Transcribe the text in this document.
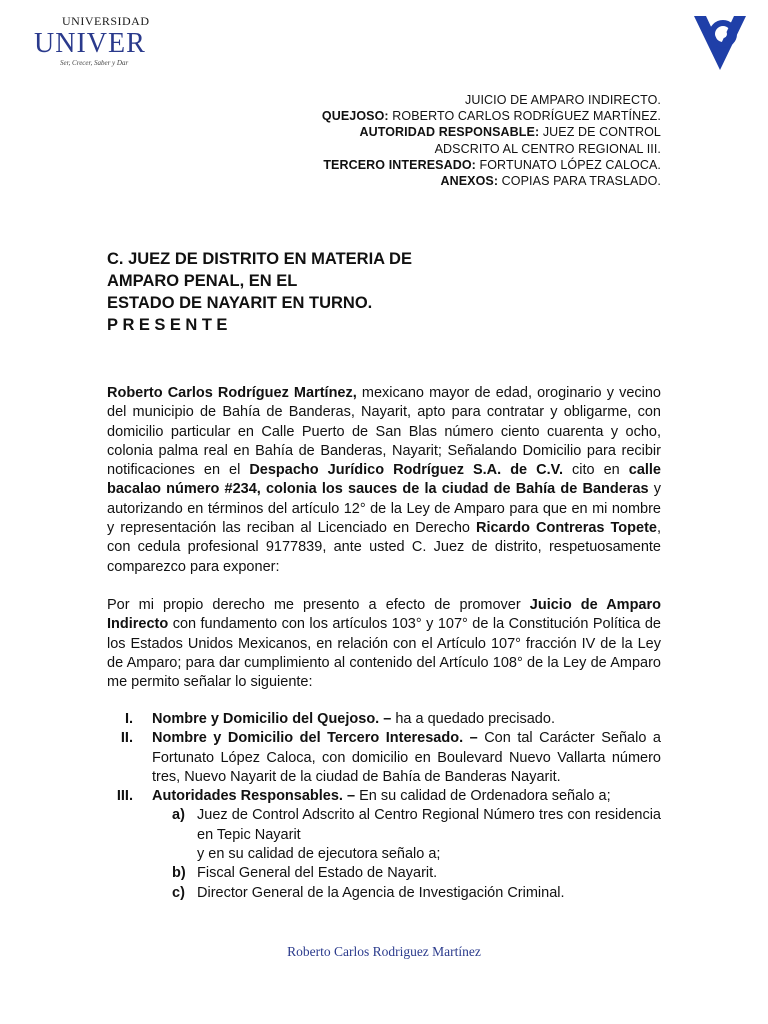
UNIVERSIDAD
UNIVER
Ser, Crecer, Saber y Dar
JUICIO DE AMPARO INDIRECTO.
QUEJOSO: ROBERTO CARLOS RODRÍGUEZ MARTÍNEZ.
AUTORIDAD RESPONSABLE: JUEZ DE CONTROL
ADSCRITO AL CENTRO REGIONAL III.
TERCERO INTERESADO: FORTUNATO LÓPEZ CALOCA.
ANEXOS: COPIAS PARA TRASLADO.
C. JUEZ DE DISTRITO EN MATERIA DE
AMPARO PENAL, EN EL
ESTADO DE NAYARIT EN TURNO.
PRESENTE
Roberto Carlos Rodríguez Martínez, mexicano mayor de edad, oroginario y vecino del municipio de Bahía de Banderas, Nayarit, apto para contratar y obligarme, con domicilio particular en Calle Puerto de San Blas número ciento cuarenta y ocho, colonia palma real en Bahía de Banderas, Nayarit; Señalando Domicilio para recibir notificaciones en el Despacho Jurídico Rodríguez S.A. de C.V. cito en calle bacalao número #234, colonia los sauces de la ciudad de Bahía de Banderas y autorizando en términos del artículo 12° de la Ley de Amparo para que en mi nombre y representación las reciban al Licenciado en Derecho Ricardo Contreras Topete, con cedula profesional 9177839, ante usted C. Juez de distrito, respetuosamente comparezco para exponer:
Por mi propio derecho me presento a efecto de promover Juicio de Amparo Indirecto con fundamento con los artículos 103° y 107° de la Constitución Política de los Estados Unidos Mexicanos, en relación con el Artículo 107° fracción IV de la Ley de Amparo; para dar cumplimiento al contenido del Artículo 108° de la Ley de Amparo me permito señalar lo siguiente:
I. Nombre y Domicilio del Quejoso. – ha a quedado precisado.
II. Nombre y Domicilio del Tercero Interesado. – Con tal Carácter Señalo a Fortunato López Caloca, con domicilio en Boulevard Nuevo Vallarta número tres, Nuevo Nayarit de la ciudad de Bahía de Banderas Nayarit.
III. Autoridades Responsables. – En su calidad de Ordenadora señalo a;
a) Juez de Control Adscrito al Centro Regional Número tres con residencia en Tepic Nayarit
y en su calidad de ejecutora señalo a;
b) Fiscal General del Estado de Nayarit.
c) Director General de la Agencia de Investigación Criminal.
Roberto Carlos Rodriguez Martínez
